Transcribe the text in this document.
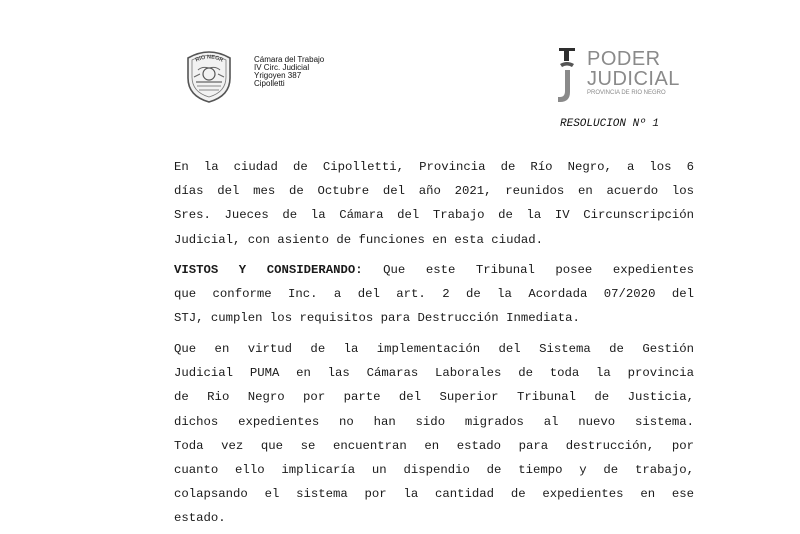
RIO NEGR	Cámara del Trabajo
IV Circ. Judicial
Yrigoyen 387
Cipolletti
PODER
JUDICIAL
PROVINCIA DE RIO NEGRO
RESOLUCION Nº 1
En la ciudad de Cipolletti, Provincia de Río Negro, a los 6
días del mes de Octubre del año 2021, reunidos en acuerdo los
Sres. Jueces de la Cámara del Trabajo de la IV Circunscripción
Judicial, con asiento de funciones en esta ciudad.
VISTOS Y CONSIDERANDO: Que este Tribunal posee expedientes
que conforme Inc. a del art. 2 de la Acordada 07/2020 del
STJ, cumplen los requisitos para Destrucción Inmediata.
Que en virtud de la implementación del Sistema de Gestión
Judicial PUMA en las Cámaras Laborales de toda la provincia
de Rio Negro por parte del Superior Tribunal de Justicia,
dichos expedientes no han sido migrados al nuevo sistema.
Toda vez que se encuentran en estado para destrucción, por
cuanto ello implicaría un dispendio de tiempo y de trabajo,
colapsando el sistema por la cantidad de expedientes en ese
estado.
